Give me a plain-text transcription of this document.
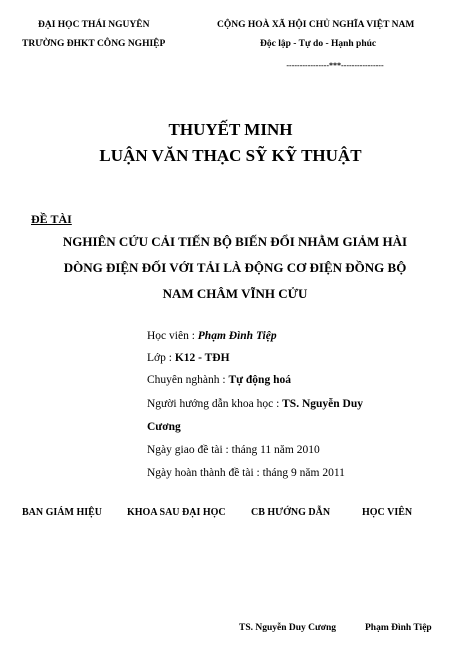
ĐẠI HỌC THÁI NGUYÊN
TRƯỜNG ĐHKT CÔNG NGHIỆP
CỘNG HOÀ XÃ HỘI CHỦ NGHĨA VIỆT NAM
Độc lập - Tự do - Hạnh phúc
----------------***----------------
THUYẾT MINH
LUẬN VĂN THẠC SỸ KỸ THUẬT
ĐỀ TÀI
NGHIÊN CỨU CẢI TIẾN BỘ BIẾN ĐỔI NHẰM GIẢM HÀI
DÒNG ĐIỆN ĐỐI VỚI TẢI LÀ ĐỘNG CƠ ĐIỆN ĐỒNG BỘ
NAM CHÂM VĨNH CỬU
Học viên : Phạm Đình Tiệp
Lớp : K12 - TĐH
Chuyên nghành : Tự động hoá
Người hướng dẫn khoa học : TS. Nguyễn Duy
Cương
Ngày giao đề tài : tháng 11 năm 2010
Ngày hoàn thành đề tài : tháng 9 năm 2011
BAN GIÁM HIỆU KHOA SAU ĐẠI HỌC	CB HƯỚNG DẪN	HỌC VIÊN
TS. Nguyễn Duy Cương	Phạm Đình Tiệp
